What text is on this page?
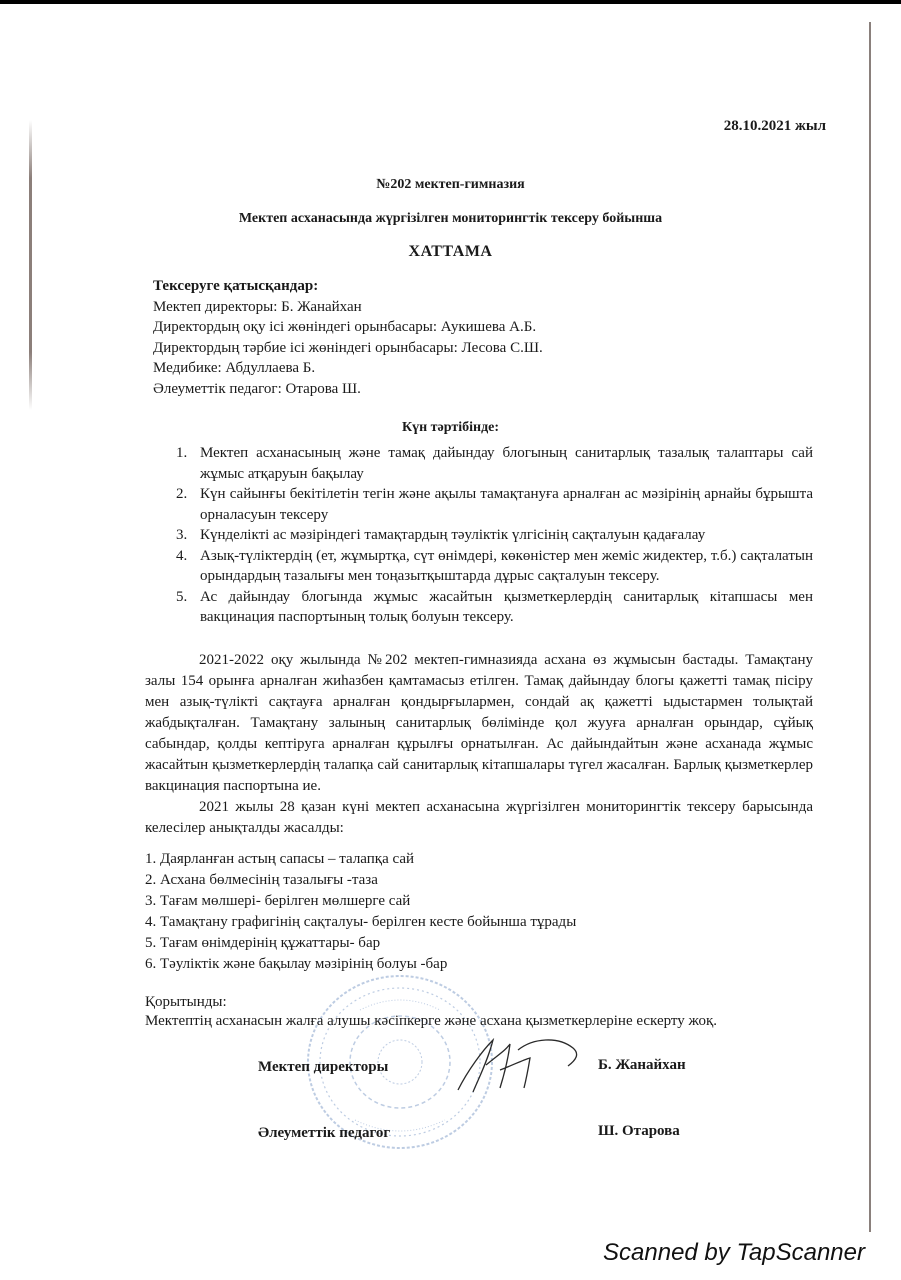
28.10.2021 жыл
№202 мектеп-гимназия
Мектеп асханасында жүргізілген мониторингтік тексеру бойынша
ХАТТАМА
Тексеруге қатысқандар:
Мектеп директоры: Б. Жанайхан
Директордың оқу ісі жөніндегі орынбасары: Аукишева А.Б.
Директордың тәрбие ісі жөніндегі орынбасары: Лесова С.Ш.
Медибике: Абдуллаева Б.
Әлеуметтік педагог: Отарова Ш.
Күн тәртібінде:
1. Мектеп асханасының және тамақ дайындау блогының санитарлық тазалық талаптары сай жұмыс атқаруын бақылау
2. Күн сайынғы бекітілетін тегін және ақылы тамақтануға арналған ас мәзірінің арнайы бұрышта орналасуын тексеру
3. Күнделікті ас мәзіріндегі тамақтардың тәуліктік үлгісінің сақталуын қадағалау
4. Азық-түліктердің (ет, жұмыртқа, сүт өнімдері, көкөністер мен жеміс жидектер, т.б.) сақталатын орындардың тазалығы мен тоңазытқыштарда дұрыс сақталуын тексеру.
5. Ас дайындау блогында жұмыс жасайтын қызметкерлердің санитарлық кітапшасы мен вакцинация паспортының толық болуын тексеру.

2021-2022 оқу жылында №202 мектеп-гимназияда асхана өз жұмысын бастады. Тамақтану залы 154 орынға арналған жиһазбен қамтамасыз етілген. Тамақ дайындау блогы қажетті тамақ пісіру мен азық-түлікті сақтауға арналған қондырғылармен, сондай ақ қажетті ыдыстармен толықтай жабдықталған. Тамақтану залының санитарлық бөлімінде қол жууға арналған орындар, сұйық сабындар, қолды кептіруга арналған құрылғы орнатылған. Ас дайындайтын және асханада жұмыс жасайтын қызметкерлердің талапқа сай санитарлық кітапшалары түгел жасалған. Барлық қызметкерлер вакцинация паспортына ие.

2021 жылы 28 қазан күні мектеп асханасына жүргізілген мониторингтік тексеру барысында келесілер анықталды жасалды:

1. Даярланған астың сапасы – талапқа сай
2. Асхана бөлмесінің тазалығы -таза
3. Тағам мөлшері- берілген мөлшерге сай
4. Тамақтану графигінің сақталуы- берілген кесте бойынша тұрады
5. Тағам өнімдерінің құжаттары- бар
6. Тәуліктік және бақылау мәзірінің болуы -бар
Қорытынды:
Мектептің асханасын жалға алушы кәсіпкерге және асхана қызметкерлеріне ескерту жоқ.
Мектеп директоры	Б. Жанайхан
Әлеуметтік педагог	Ш. Отарова
Scanned by TapScanner
